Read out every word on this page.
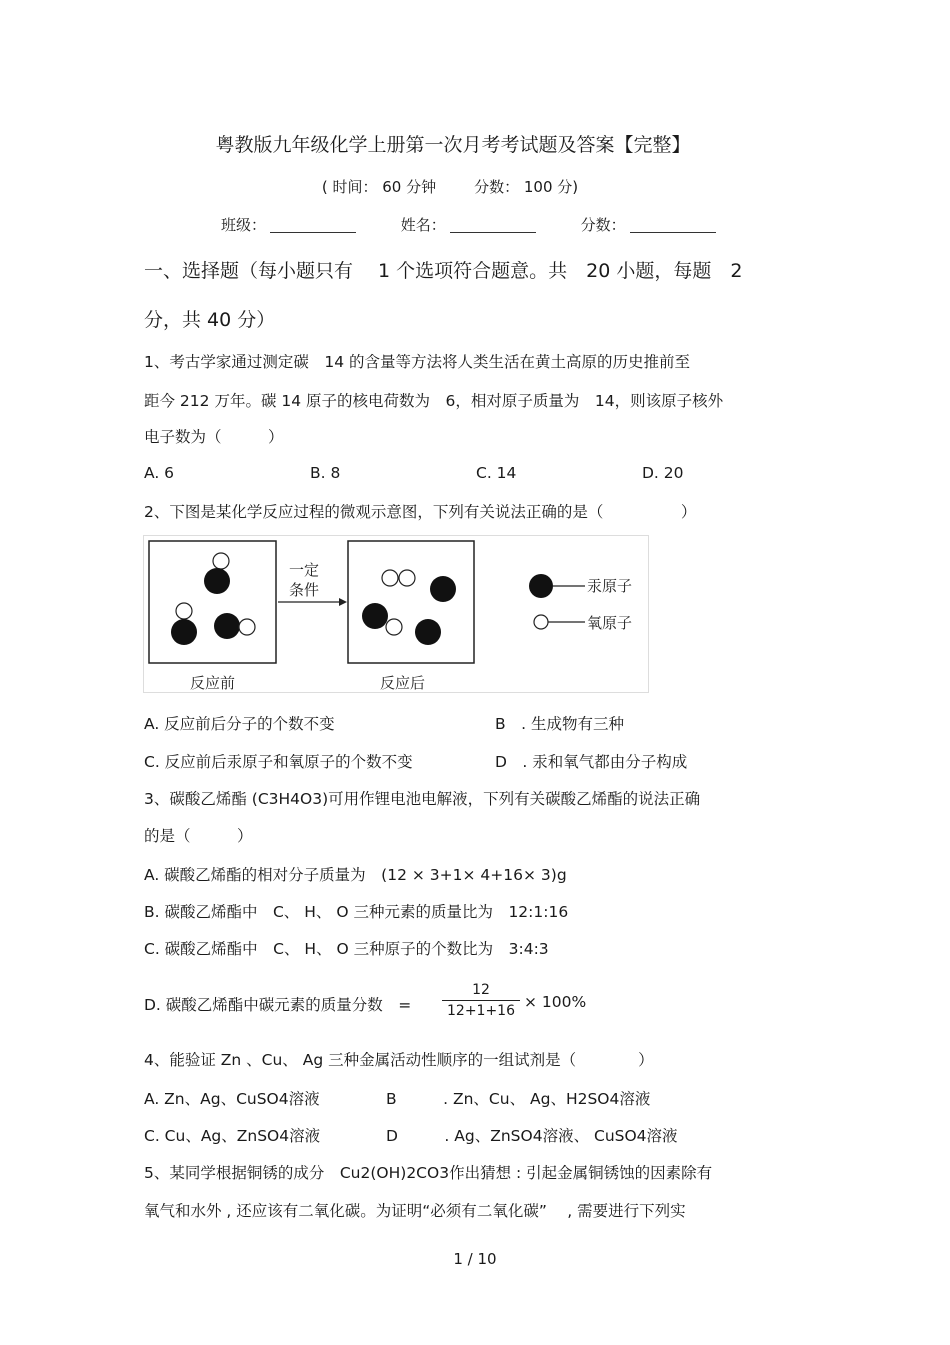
粤教版九年级化学上册第一次月考考试题及答案【完整】
( 时间： 60 分钟	分数： 100 分)
班级：	姓名：	分数：
一、选择题（每小题只有　 1 个选项符合题意。共　20 小题，每题　2
分，共 40 分）
1、考古学家通过测定碳　14 的含量等方法将人类生活在黄土高原的历史推前至
距今 212 万年。碳 14 原子的核电荷数为　6，相对原子质量为　14，则该原子核外
电子数为（　　　）
A. 6	B. 8	C. 14	D. 20
2、下图是某化学反应过程的微观示意图，下列有关说法正确的是（　　　　　）
一定
条件
反应前	反应后
汞原子
氧原子
A. 反应前后分子的个数不变	B　. 生成物有三种
C. 反应前后汞原子和氧原子的个数不变	D　. 汞和氧气都由分子构成
3、碳酸乙烯酯 (C3H4O3)可用作锂电池电解液，下列有关碳酸乙烯酯的说法正确
的是（　　　）
A. 碳酸乙烯酯的相对分子质量为　(12 × 3+1× 4+16× 3)g
B. 碳酸乙烯酯中　C、 H、 O 三种元素的质量比为　12:1:16
C. 碳酸乙烯酯中　C、 H、 O 三种原子的个数比为　3:4:3
D. 碳酸乙烯酯中碳元素的质量分数　= $\frac{12}{12+1+16} \times 100\%$
4、能验证 Zn 、Cu、 Ag 三种金属活动性顺序的一组试剂是（　　　　）
A. Zn、Ag、CuSO4溶液	B　　　. Zn、Cu、 Ag、H2SO4溶液
C. Cu、Ag、ZnSO4溶液	D　　　. Ag、ZnSO4溶液、 CuSO4溶液
5、某同学根据铜锈的成分　Cu2(OH)2CO3作出猜想 : 引起金属铜锈蚀的因素除有
氧气和水外 , 还应该有二氧化碳。为证明“必须有二氧化碳”　 , 需要进行下列实
1 / 10
